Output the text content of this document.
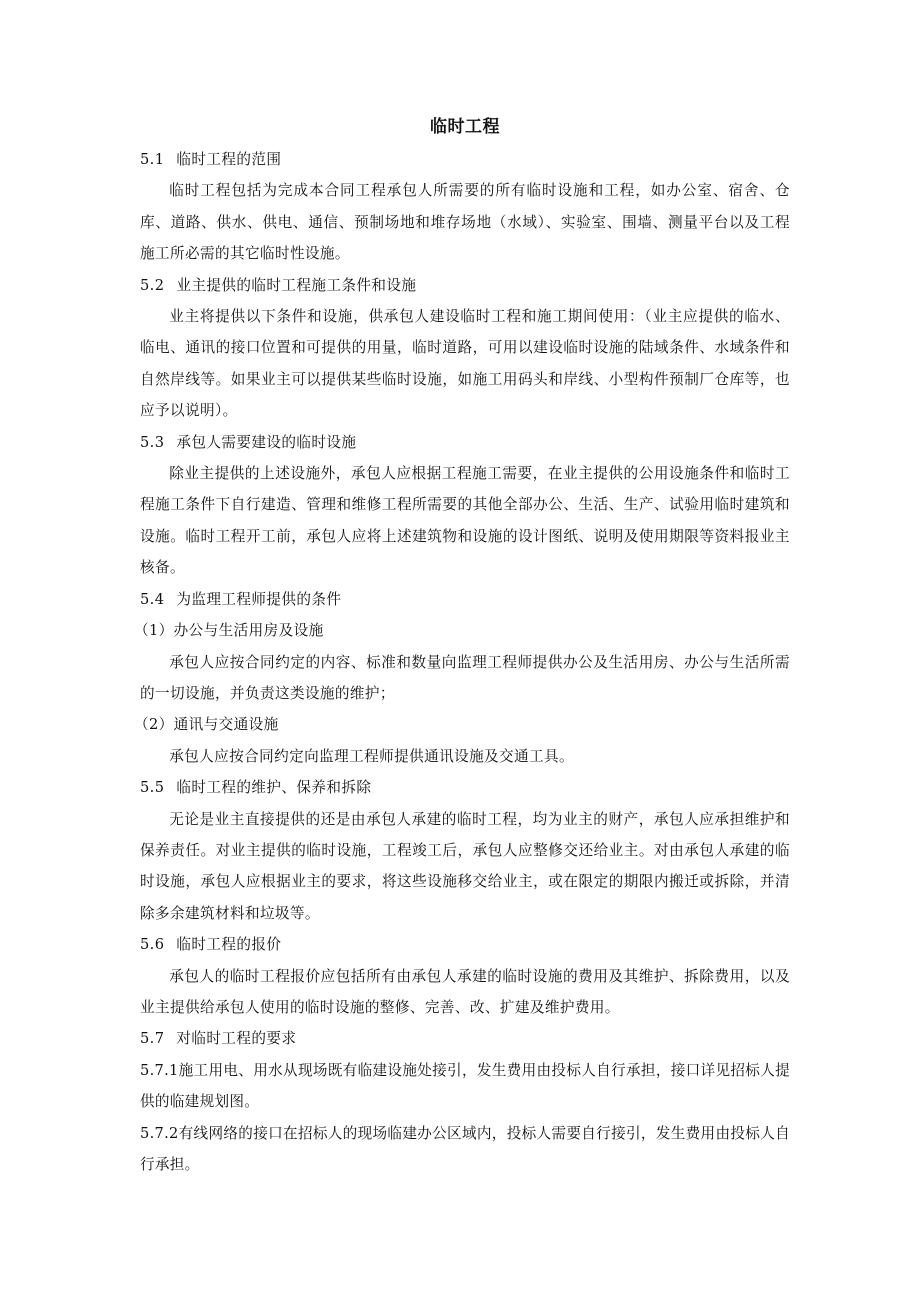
临时工程
5.1 临时工程的范围
临时工程包括为完成本合同工程承包人所需要的所有临时设施和工程，如办公室、宿舍、仓库、道路、供水、供电、通信、预制场地和堆存场地（水域）、实验室、围墙、测量平台以及工程施工所必需的其它临时性设施。
5.2 业主提供的临时工程施工条件和设施
业主将提供以下条件和设施，供承包人建设临时工程和施工期间使用：（业主应提供的临水、临电、通讯的接口位置和可提供的用量，临时道路，可用以建设临时设施的陆域条件、水域条件和自然岸线等。如果业主可以提供某些临时设施，如施工用码头和岸线、小型构件预制厂仓库等，也应予以说明）。
5.3 承包人需要建设的临时设施
除业主提供的上述设施外，承包人应根据工程施工需要，在业主提供的公用设施条件和临时工程施工条件下自行建造、管理和维修工程所需要的其他全部办公、生活、生产、试验用临时建筑和设施。临时工程开工前，承包人应将上述建筑物和设施的设计图纸、说明及使用期限等资料报业主核备。
5.4 为监理工程师提供的条件
（1）办公与生活用房及设施
承包人应按合同约定的内容、标准和数量向监理工程师提供办公及生活用房、办公与生活所需的一切设施，并负责这类设施的维护；
（2）通讯与交通设施
承包人应按合同约定向监理工程师提供通讯设施及交通工具。
5.5 临时工程的维护、保养和拆除
无论是业主直接提供的还是由承包人承建的临时工程，均为业主的财产，承包人应承担维护和保养责任。对业主提供的临时设施，工程竣工后，承包人应整修交还给业主。对由承包人承建的临时设施，承包人应根据业主的要求，将这些设施移交给业主，或在限定的期限内搬迁或拆除，并清除多余建筑材料和垃圾等。
5.6 临时工程的报价
承包人的临时工程报价应包括所有由承包人承建的临时设施的费用及其维护、拆除费用，以及业主提供给承包人使用的临时设施的整修、完善、改、扩建及维护费用。
5.7 对临时工程的要求
5.7.1施工用电、用水从现场既有临建设施处接引，发生费用由投标人自行承担，接口详见招标人提供的临建规划图。
5.7.2有线网络的接口在招标人的现场临建办公区域内，投标人需要自行接引，发生费用由投标人自行承担。
